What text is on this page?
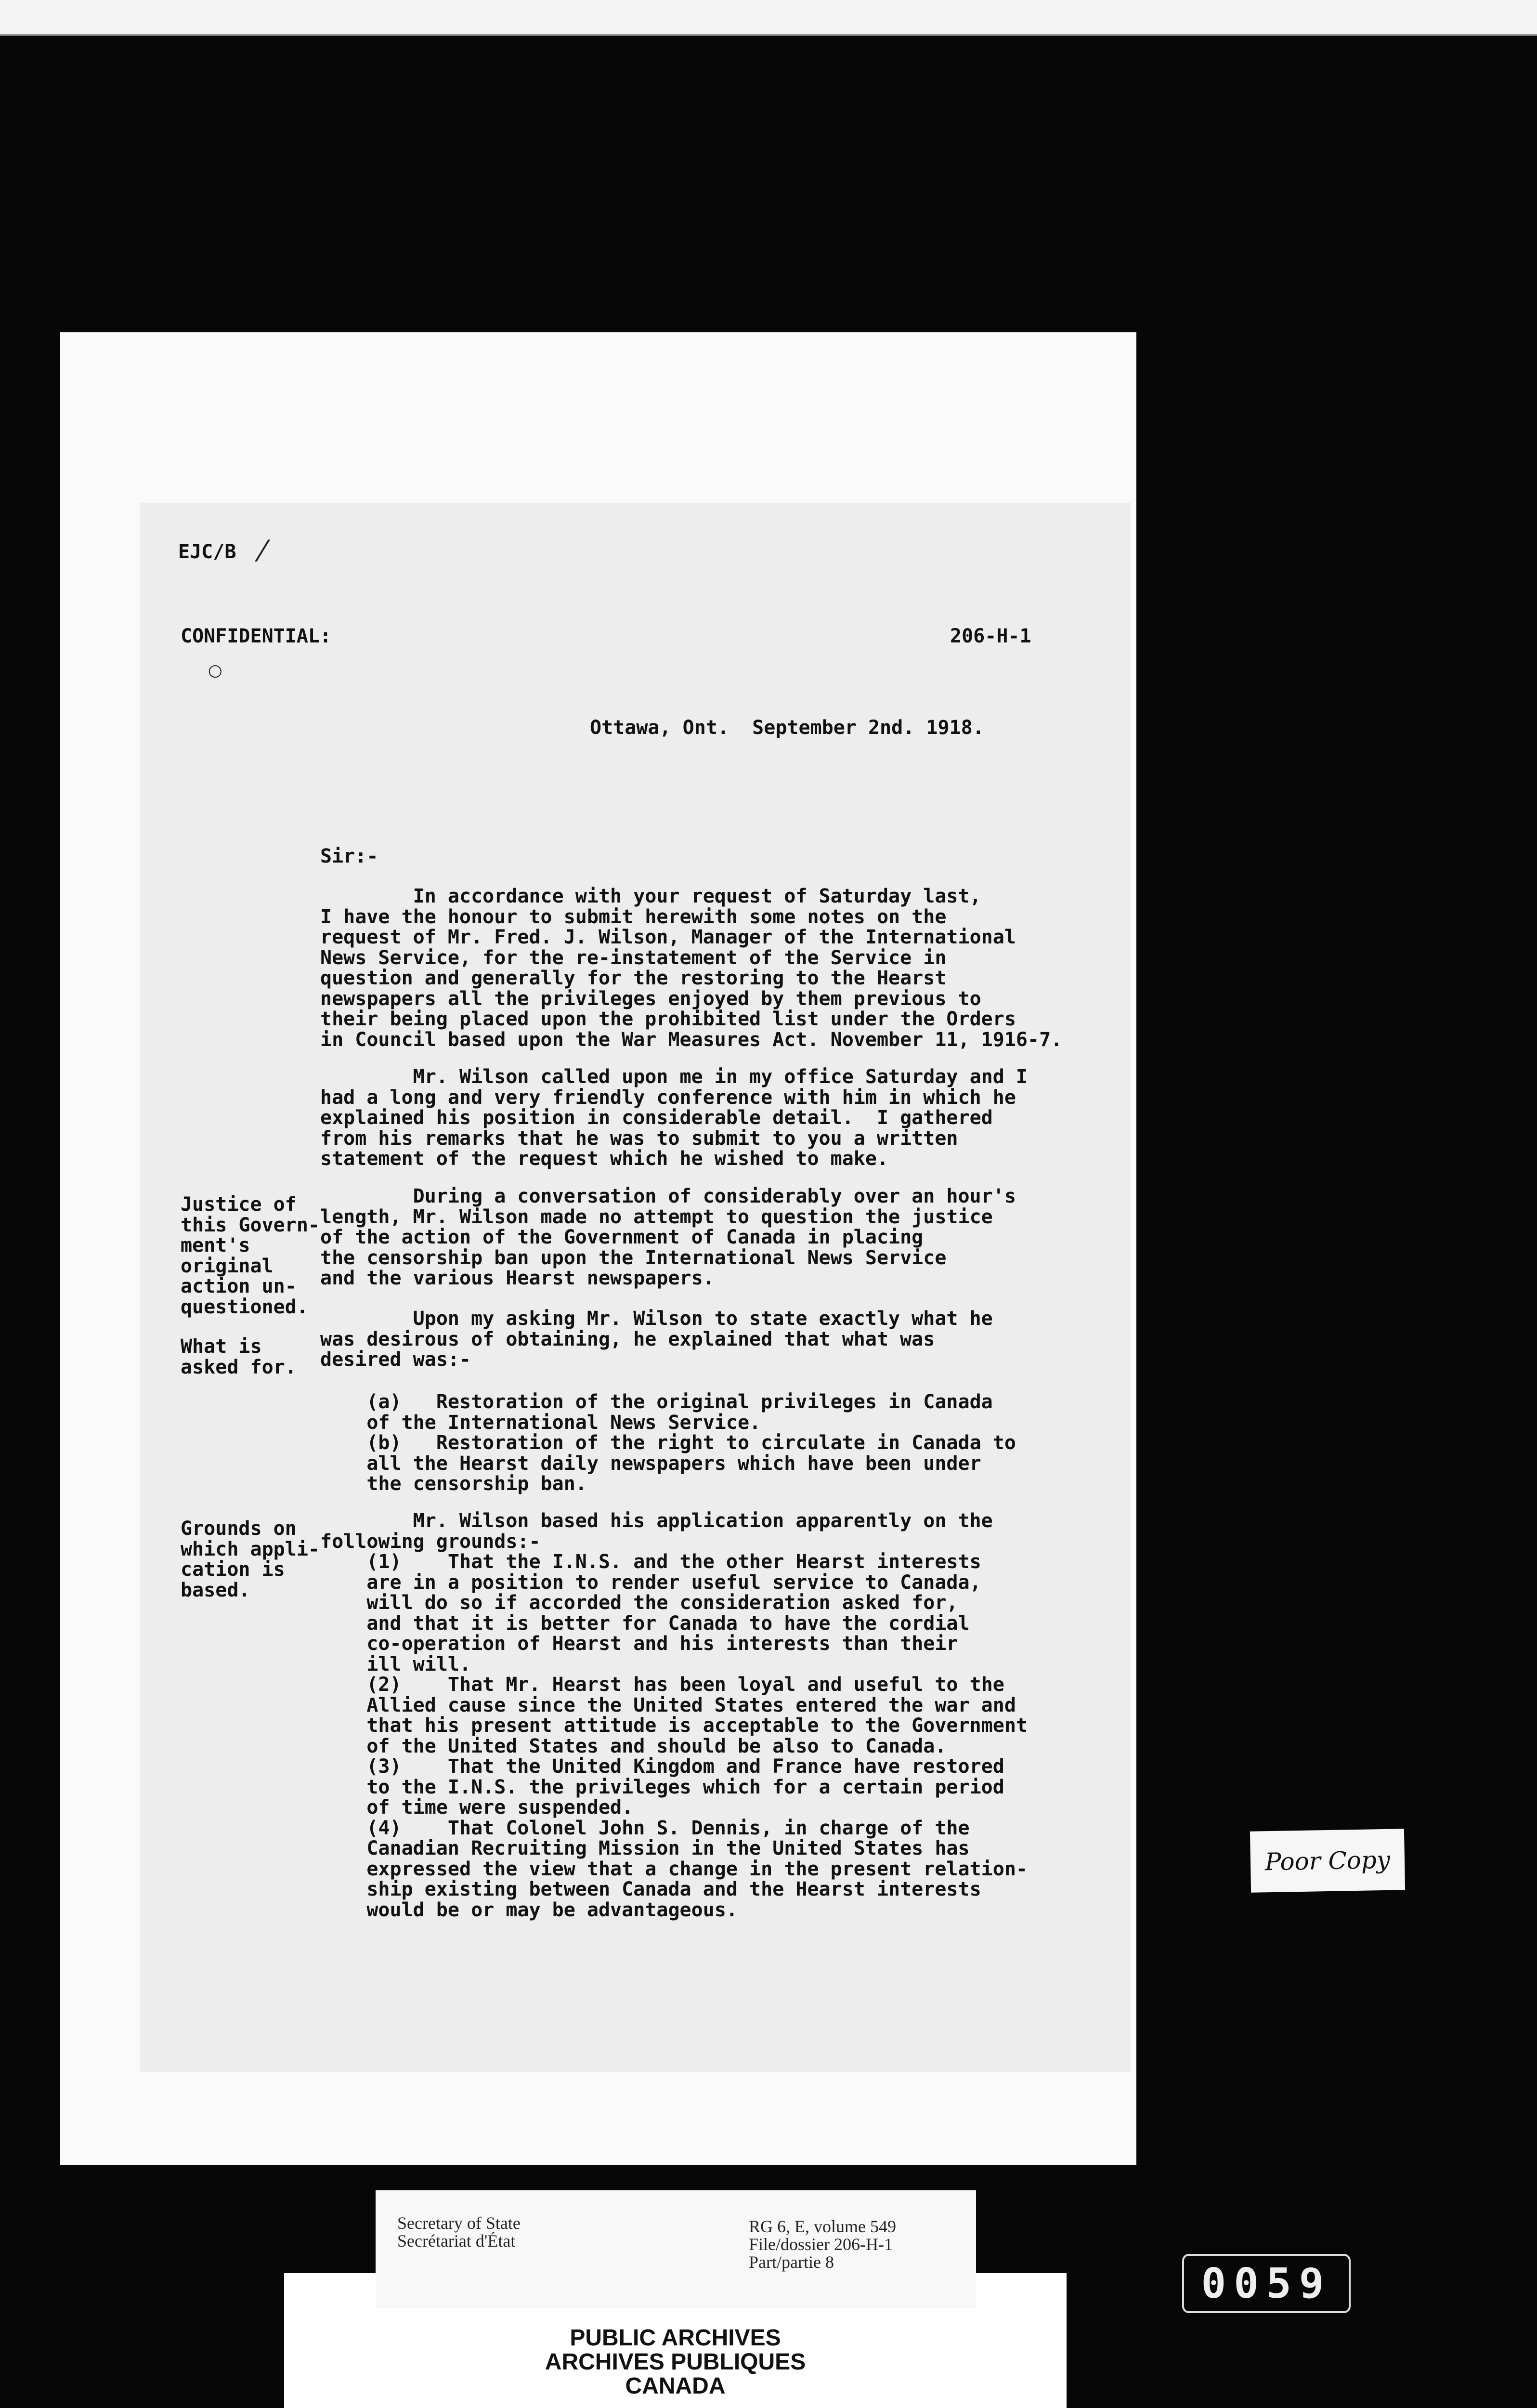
EJC/B ⁄
CONFIDENTIAL:
○
206-H-1
Ottawa, Ont.  September 2nd. 1918.
Sir:-
In accordance with your request of Saturday last,
I have the honour to submit herewith some notes on the
request of Mr. Fred. J. Wilson, Manager of the International
News Service, for the re-instatement of the Service in
question and generally for the restoring to the Hearst
newspapers all the privileges enjoyed by them previous to
their being placed upon the prohibited list under the Orders
in Council based upon the War Measures Act. November 11, 1916-7.
Mr. Wilson called upon me in my office Saturday and I
had a long and very friendly conference with him in which he
explained his position in considerable detail.  I gathered
from his remarks that he was to submit to you a written
statement of the request which he wished to make.
During a conversation of considerably over an hour's
length, Mr. Wilson made no attempt to question the justice
of the action of the Government of Canada in placing
the censorship ban upon the International News Service
and the various Hearst newspapers.
Upon my asking Mr. Wilson to state exactly what he
was desirous of obtaining, he explained that what was
desired was:-
(a)   Restoration of the original privileges in Canada
of the International News Service.
(b)   Restoration of the right to circulate in Canada to
all the Hearst daily newspapers which have been under
the censorship ban.
Mr. Wilson based his application apparently on the
following grounds:-
(1)    That the I.N.S. and the other Hearst interests
are in a position to render useful service to Canada,
will do so if accorded the consideration asked for,
and that it is better for Canada to have the cordial
co-operation of Hearst and his interests than their
ill will.
(2)    That Mr. Hearst has been loyal and useful to the
Allied cause since the United States entered the war and
that his present attitude is acceptable to the Government
of the United States and should be also to Canada.
(3)    That the United Kingdom and France have restored
to the I.N.S. the privileges which for a certain period
of time were suspended.
(4)    That Colonel John S. Dennis, in charge of the
Canadian Recruiting Mission in the United States has
expressed the view that a change in the present relation-
ship existing between Canada and the Hearst interests
would be or may be advantageous.
Justice of
this Govern-
ment's
original
action un-
questioned.
What is
asked for.
Grounds on
which appli-
cation is
based.
Poor Copy
Secretary of State
Secrétariat d'État
RG 6, E, volume 549
File/dossier 206-H-1
Part/partie 8
PUBLIC ARCHIVES
ARCHIVES PUBLIQUES
CANADA
0059
